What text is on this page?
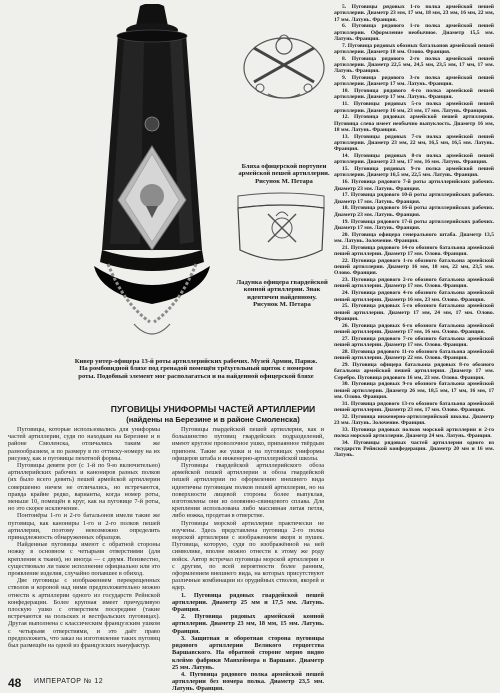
Бляха офицерской портупеи армейской пешей артиллерии. Рисунок М. Петара
Ладунка офицера гвардейской конной артиллерии. Знак идентичен найденному. Рисунок М. Петара
Кивер унтер-офицера 13-й роты артиллерийских рабочих. Музей Армии, Париж. На ромбовидной бляхе под гренадой помещён трёхугольный щиток с номером роты. Подобный элемент мог располагаться и на найденной офицерской бляхе

5. Пуговицы рядовых 1-го полка армейской пешей артиллерии. Диаметр 23 мм, 17 мм, 18 мм, 23 мм, 16 мм, 22 мм, 17 мм. Латунь. Франция.

6. Пуговица рядового 1-го полка армейской пешей артиллерии. Оформление необычное. Диаметр 15,5 мм. Латунь. Франция.

7. Пуговица рядовых обозных батальонов армейской пешей артиллерии. Диаметр 18 мм. Олово. Франция.

8. Пуговица рядового 2-го полка армейской пешей артиллерии. Диаметр 22,5 мм, 24,5 мм, 23,5 мм, 17 мм, 17 мм. Латунь. Франция.

9. Пуговица рядового 3-го полка армейской пешей артиллерии. Диаметр 17 мм. Латунь. Франция.

10. Пуговица рядового 4-го полка армейской пешей артиллерии. Диаметр 17 мм. Латунь. Франция.

11. Пуговицы рядовых 5-го полка армейской пешей артиллерии. Диаметр 16 мм, 23 мм, 17 мм. Латунь. Франция.

12. Пуговица рядовых армейской пешей артиллерии. Пуговица слева имеет необычно выпуклость. Диаметр 16 мм, 18 мм. Латунь. Франция.

13. Пуговицы рядовых 7-го полка армейской пешей артиллерии. Диаметр 23 мм, 22 мм, 16,5 мм, 16,5 мм. Латунь. Франция.

14. Пуговицы рядовых 8-го полка армейской пешей артиллерии. Диаметр 23 мм, 17 мм, 16 мм. Латунь. Франция.

15. Пуговица рядовых 9-го полка армейской пешей артиллерии. Диаметр 16,5 мм, 22,5 мм. Латунь. Франция.

16. Пуговица рядового 7-й роты артиллерийских рабочих. Диаметр 23 мм. Латунь. Франция.

17. Пуговица рядового 10-й роты артиллерийских рабочих. Диаметр 17 мм. Латунь. Франция.

18. Пуговица рядового 16-й роты артиллерийских рабочих. Диаметр 23 мм. Латунь. Франция.

19. Пуговица рядового 17-й роты артиллерийских рабочих. Диаметр 17 мм. Латунь. Франция.

20. Пуговица офицера генерального штаба. Диаметр 13,5 мм. Латунь. Золочение. Франция.

21. Пуговица рядового 14-го обозного батальона армейской пешей артиллерии. Диаметр 17 мм. Олово. Франция.

22. Пуговица рядового 1-го обозного батальона армейской пешей артиллерии. Диаметр 16 мм, 18 мм, 22 мм, 23,5 мм. Олово. Франция.

23. Пуговица рядового 2-го обозного батальона армейской пешей артиллерии. Диаметр 17 мм. Олово. Франция.

24. Пуговица рядового 4-го обозного батальона армейской пешей артиллерии. Диаметр 16 мм, 23 мм. Олово. Франция.

25. Пуговица рядовых 5-го обозного батальона армейской пешей артиллерии. Диаметр 17 мм, 24 мм, 17 мм. Олово. Франция.

26. Пуговица рядовых 6-го обозного батальона армейской пешей артиллерии. Диаметр 17 мм, 16 мм. Олово. Франция.

27. Пуговица рядового 7-го обозного батальона армейской пешей артиллерии. Диаметр 17 мм. Олово. Франция.

28. Пуговица рядового 11-го обозного батальона армейской пешей артиллерии. Диаметр 22 мм. Олово. Франция.

29. Пуговица офицера батальона рядовых 8-го обозного батальона армейской пешей артиллерии. Диаметр 17 мм. Серебро. Пуговица рядового 16 мм, 23 мм. Олово. Франция.

30. Пуговица рядовых 9-го обозного батальона армейской пешей артиллерии. Диаметр 26 мм, 18,5 мм, 17 мм, 16 мм, 17 мм. Олово. Франция.

31. Пуговица рядового 13-го обозного батальона армейской пешей артиллерии. Диаметр 23 мм, 17 мм. Олово. Франция.

32. Пуговица инженерно-артиллерийской школы. Диаметр 23 мм. Латунь. Золочение. Франция.

33. Пуговица рядовых полков морской артиллерии и 2-го полка морской артиллерии. Диаметр 24 мм. Латунь. Франция.

34. Пуговицы рядовых частей артиллерии одного из государств Рейнской конфедерации. Диаметр 20 мм и 16 мм. Латунь.

ПУГОВИЦЫ УНИФОРМЫ ЧАСТЕЙ АРТИЛЛЕРИИ
(найдены на Березине и в районе Смоленска)

Пуговицы, которые использовались для униформы частей артиллерии, судя по находкам на Березине и в районе Смоленска, отличались таким же разнообразием, и по размеру в по оттиску-номеру на их рисунку, как и пуговицы пехотной формы.

Пуговицы девяти рот (с 1-й по 9-ю включительно) артиллерийских рабочих и канониров разных полков (их было всего девять) пешей армейской артиллерии совершенно ничем не отличались, но встречаются, правда крайне редко, варианты, когда номер роты, меньше 10, помещён в круг, как на пуговице 7-й роты, но это скорее исключение.

Понтонёры 1-го и 2-го батальонов имели такие же пуговицы, как канониры 1-го и 2-го полков пешей артиллерии, поэтому невозможно определить принадлежность обнаруженных образцов.

Найденные пуговицы имеют с обратной стороны ножку в основном с четырьмя отверстиями (для крепления к ткани), но иногда — с двумя. Неизвестно, существовало ли такое исполнение официально или это проявление изделия, случайно попавшее в обиход.

Две пуговицы с изображением перекрещенных стволов и короной над ними предположительно можно отнести к артиллерии одного из государств Рейнской конфедерации. Более крупная имеет причудливую плоскую ушко с отверстием посередине (такие встречаются на польских и вестфальских пуговицах). Другая выполнена с классическим французским ушком с четырьмя отверстиями, и это даёт право предположить, что заказ на изготовление таких пуговиц был размещён на одной из французских мануфактур.

Пуговицы гвардейской пешей артиллерии, как и большинство пуговиц гвардейских подразделений, имеют круглое проволочное ушко, припаянное твёрдым припоем. Такие же ушки и на пуговицах униформы офицеров штаба и инженерно-артиллерийской школы.

Пуговицы гвардейской артиллерийского обоза армейской пешей артиллерии и обоза гвардейской пешей артиллерии по оформлению внешнего вида идентичны пуговицам полков пешей артиллерии, но на поверхности лицевой стороны более выпуклая, изготовлены они из оловянно-свинцового сплава. Для крепления использована либо массивная литая петля, либо ножка, продетая в отверстие.

Пуговицы морской артиллерии практически не изучены. Здесь представлена пуговица 2-го полка морской артиллерии с изображением якоря и пушек. Пуговица, которую, судя по изображённой на ней символике, вполне можно отнести к этому же роду войск. Автор встречал пуговицы морской артиллерии и с другим, по всей вероятности более ранним, оформлением внешнего вида, на которых присутствуют различные комбинации из орудийных стволов, якорей и ядер.

1. Пуговица рядовых гвардейской пешей артиллерии. Диаметр 25 мм и 17,5 мм. Латунь. Франция.

2. Пуговица рядовых армейской конной артиллерии. Диаметр 23 мм, 18 мм, 15 мм. Латунь. Франция.

3. Защитная и оборотная сторона пуговицы рядового артиллерии Великого герцогства Варшавского. На обратной стороне мерно видно клеймо фабрики Манхеймера в Варшаве. Диаметр 25 мм. Латунь.

4. Пуговица рядового полка армейской пешей артиллерии без номера полка. Диаметр 23,5 мм. Латунь. Франция.

48 ИМПЕРАТОР № 12
